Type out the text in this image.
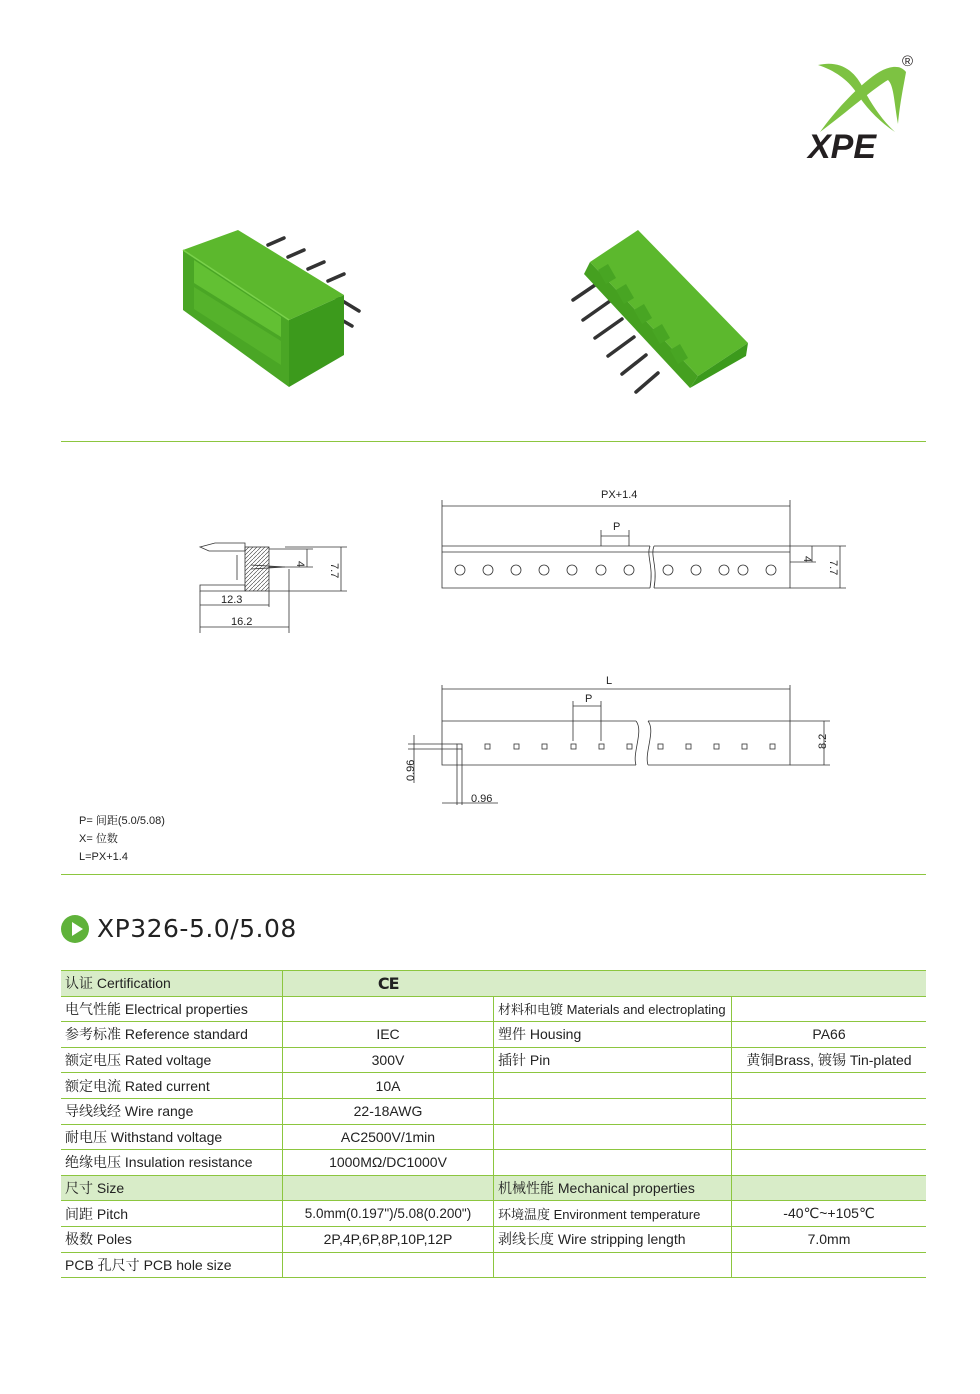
XPE
®
4 7.7
12.3
16.2
PX+1.4
P
4
7.7
L
P
8.2
0.96
0.96
P= 间距(5.0/5.08)
X= 位数
L=PX+1.4
XP326-5.0/5.08
认证 Certification	CE		
电气性能 Electrical properties		材料和电镀 Materials and electroplating	
参考标准 Reference standard	IEC	塑件 Housing	PA66
额定电压 Rated voltage	300V	插针 Pin	黄铜Brass, 镀锡 Tin-plated
额定电流 Rated current	10A		
导线线经 Wire range	22-18AWG		
耐电压 Withstand voltage	AC2500V/1min		
绝缘电压 Insulation resistance	1000MΩ/DC1000V		
尺寸 Size		机械性能 Mechanical properties	
间距 Pitch	5.0mm(0.197")/5.08(0.200")	环境温度 Environment temperature	-40℃~+105℃
极数 Poles	2P,4P,6P,8P,10P,12P	剥线长度 Wire stripping length	7.0mm
PCB 孔尺寸 PCB hole size			
